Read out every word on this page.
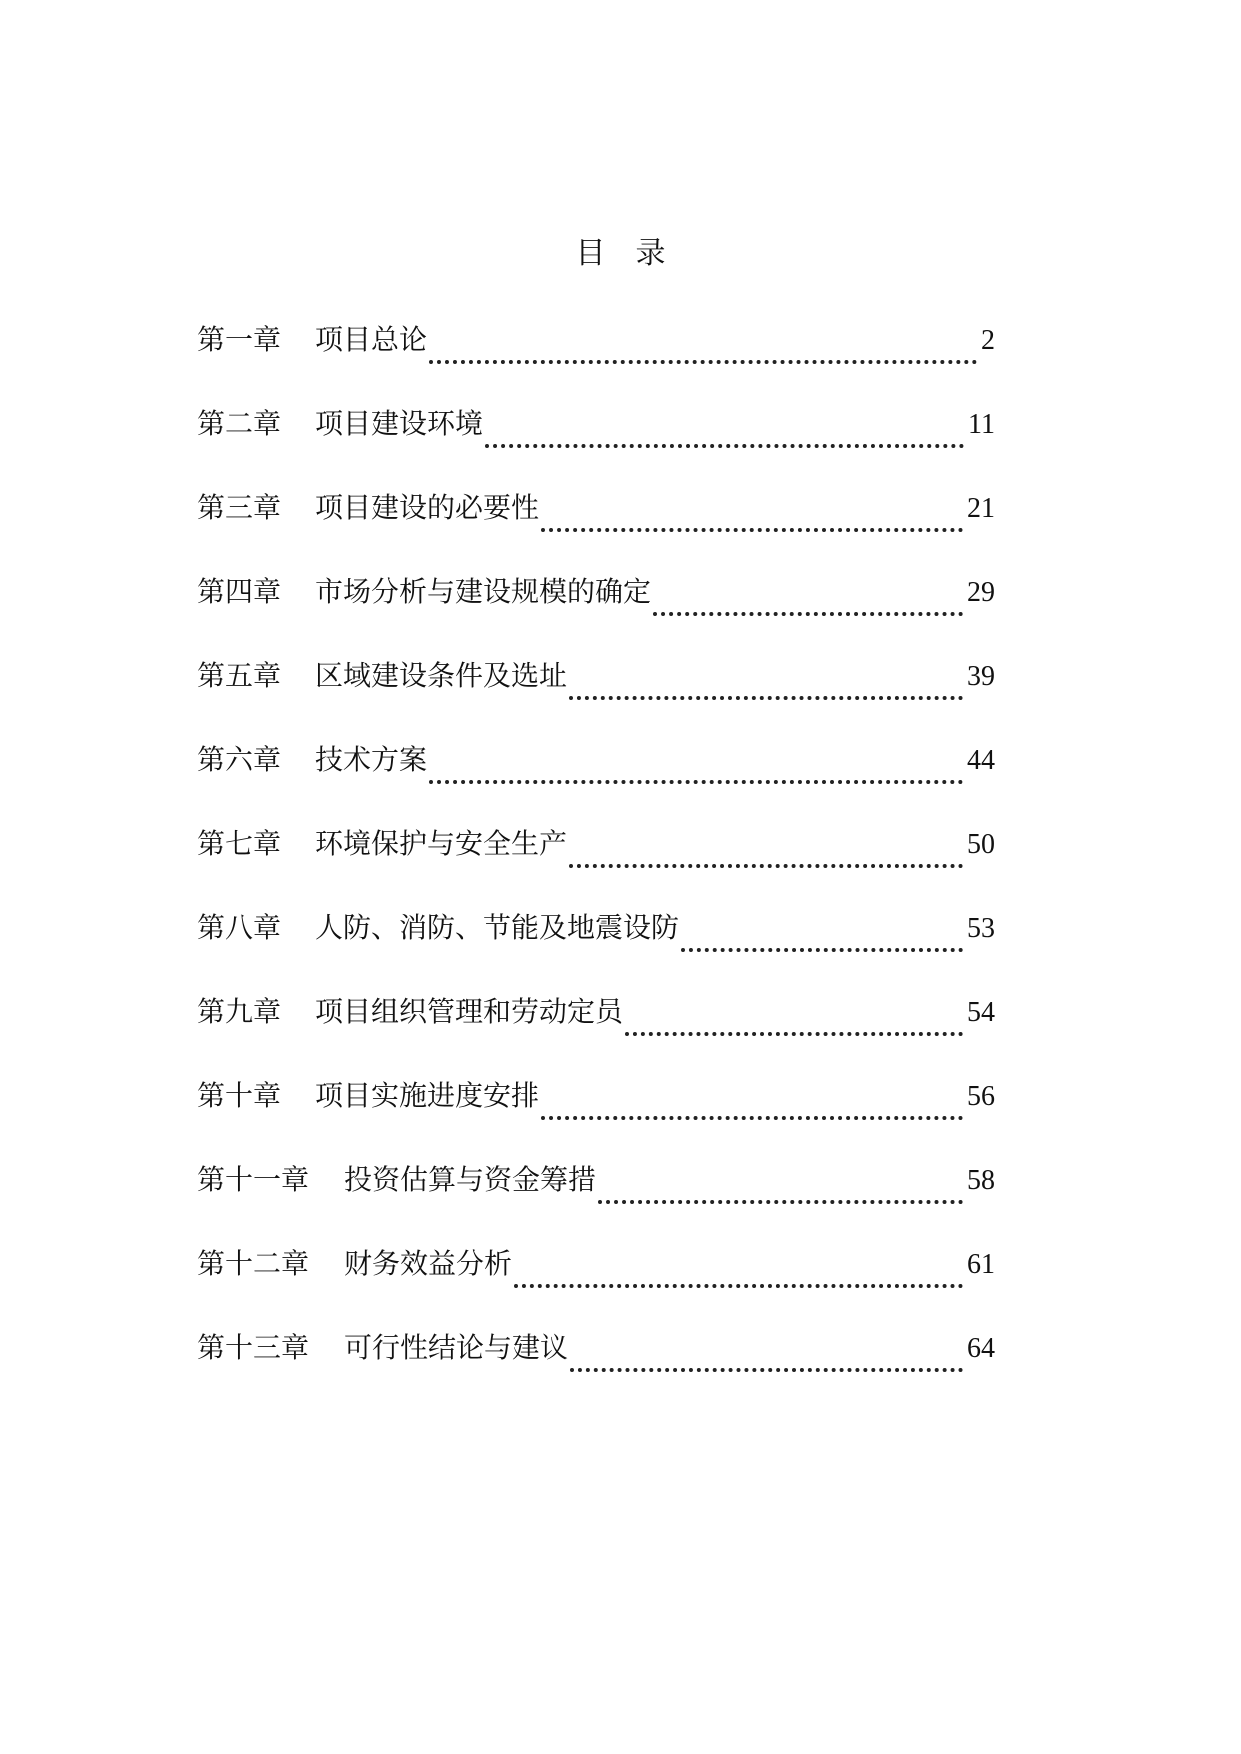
目录
第一章	项目总论	2
第二章	项目建设环境	11
第三章	项目建设的必要性	21
第四章	市场分析与建设规模的确定	29
第五章	区域建设条件及选址	39
第六章	技术方案	44
第七章	环境保护与安全生产	50
第八章	人防、消防、节能及地震设防	53
第九章	项目组织管理和劳动定员	54
第十章	项目实施进度安排	56
第十一章	投资估算与资金筹措	58
第十二章	财务效益分析	61
第十三章	可行性结论与建议	64
